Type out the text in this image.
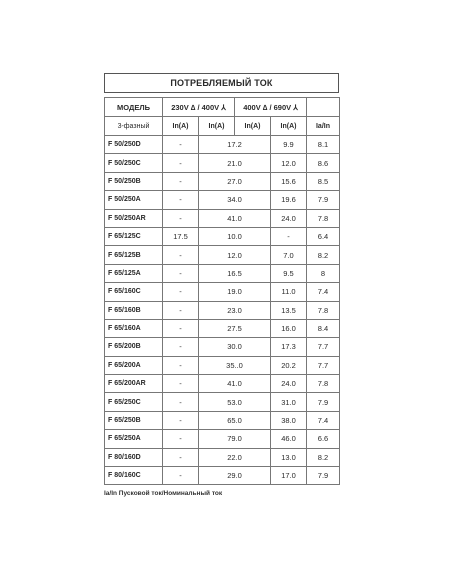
ПОТРЕБЛЯЕМЫЙ ТОК
МОДЕЛЬ	230V ∆ / 400V ⅄		400V ∆ / 690V ⅄		
3-фазный	In(A)	In(A)	In(A)	In(A)	Ia/In
F 50/250D	-	17.2		9.9	8.1
F 50/250C	-	21.0		12.0	8.6
F 50/250B	-	27.0		15.6	8.5
F 50/250A	-	34.0		19.6	7.9
F 50/250AR	-	41.0		24.0	7.8
F 65/125C	17.5	10.0		-	6.4
F 65/125B	-	12.0		7.0	8.2
F 65/125A	-	16.5		9.5	8
F 65/160C	-	19.0		11.0	7.4
F 65/160B	-	23.0		13.5	7.8
F 65/160A	-	27.5		16.0	8.4
F 65/200B	-	30.0		17.3	7.7
F 65/200A	-	35..0		20.2	7.7
F 65/200AR	-	41.0		24.0	7.8
F 65/250C	-	53.0		31.0	7.9
F 65/250B	-	65.0		38.0	7.4
F 65/250A	-	79.0		46.0	6.6
F 80/160D	-	22.0		13.0	8.2
F 80/160C	-	29.0		17.0	7.9
Ia/In Пусковой ток/Номинальный ток
